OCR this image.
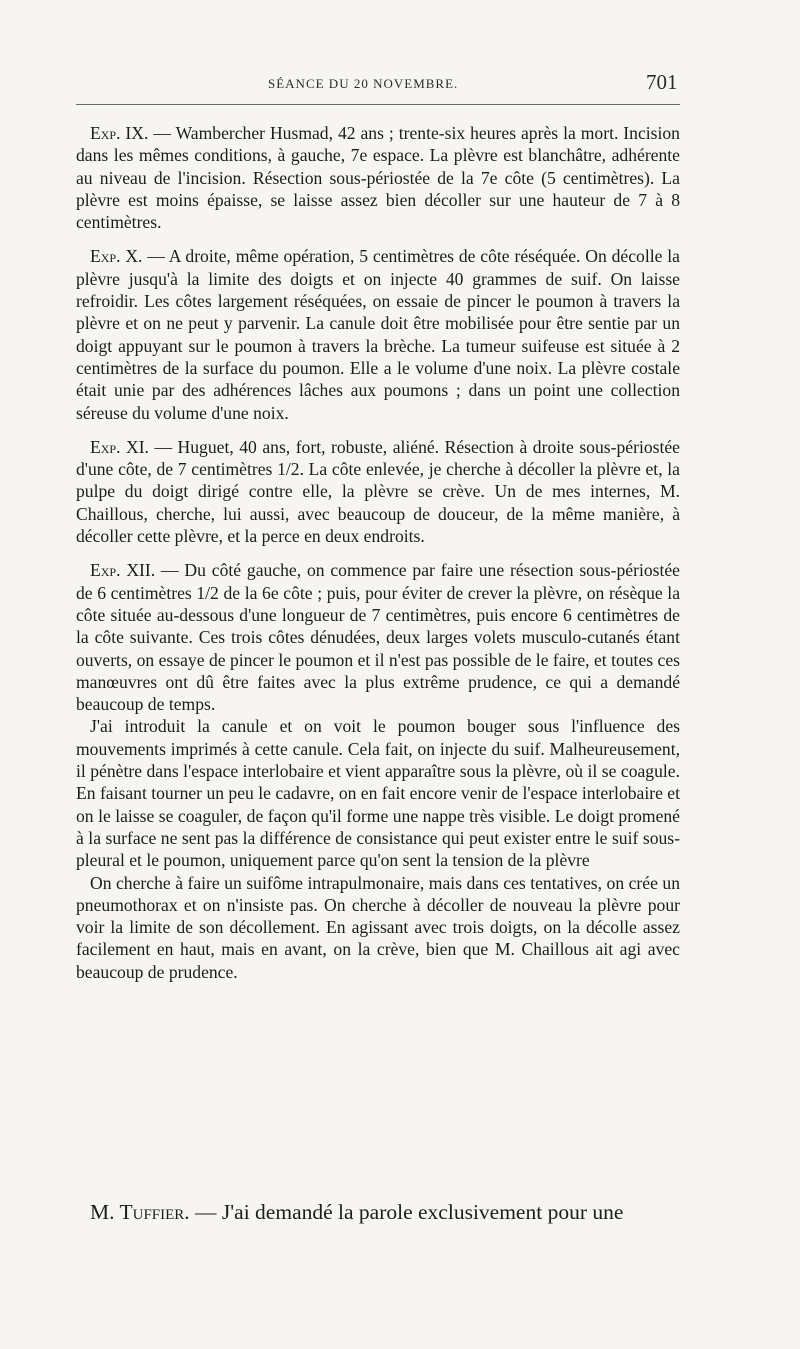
SÉANCE DU 20 NOVEMBRE.	701

Exp. IX. — Wambercher Husmad, 42 ans ; trente-six heures après la mort. Incision dans les mêmes conditions, à gauche, 7e espace. La plèvre est blanchâtre, adhérente au niveau de l'incision. Résection sous-périostée de la 7e côte (5 centimètres). La plèvre est moins épaisse, se laisse assez bien décoller sur une hauteur de 7 à 8 centimètres.

Exp. X. — A droite, même opération, 5 centimètres de côte réséquée. On décolle la plèvre jusqu'à la limite des doigts et on injecte 40 grammes de suif. On laisse refroidir. Les côtes largement réséquées, on essaie de pincer le poumon à travers la plèvre et on ne peut y parvenir. La canule doit être mobilisée pour être sentie par un doigt appuyant sur le poumon à travers la brèche. La tumeur suifeuse est située à 2 centimètres de la surface du poumon. Elle a le volume d'une noix. La plèvre costale était unie par des adhérences lâches aux poumons ; dans un point une collection séreuse du volume d'une noix.

Exp. XI. — Huguet, 40 ans, fort, robuste, aliéné. Résection à droite sous-périostée d'une côte, de 7 centimètres 1/2. La côte enlevée, je cherche à décoller la plèvre et, la pulpe du doigt dirigé contre elle, la plèvre se crève. Un de mes internes, M. Chaillous, cherche, lui aussi, avec beaucoup de douceur, de la même manière, à décoller cette plèvre, et la perce en deux endroits.

Exp. XII. — Du côté gauche, on commence par faire une résection sous-périostée de 6 centimètres 1/2 de la 6e côte ; puis, pour éviter de crever la plèvre, on résèque la côte située au-dessous d'une longueur de 7 centimètres, puis encore 6 centimètres de la côte suivante. Ces trois côtes dénudées, deux larges volets musculo-cutanés étant ouverts, on essaye de pincer le poumon et il n'est pas possible de le faire, et toutes ces manœuvres ont dû être faites avec la plus extrême prudence, ce qui a demandé beaucoup de temps.

J'ai introduit la canule et on voit le poumon bouger sous l'influence des mouvements imprimés à cette canule. Cela fait, on injecte du suif. Malheureusement, il pénètre dans l'espace interlobaire et vient apparaître sous la plèvre, où il se coagule. En faisant tourner un peu le cadavre, on en fait encore venir de l'espace interlobaire et on le laisse se coaguler, de façon qu'il forme une nappe très visible. Le doigt promené à la surface ne sent pas la différence de consistance qui peut exister entre le suif sous-pleural et le poumon, uniquement parce qu'on sent la tension de la plèvre

On cherche à faire un suifôme intrapulmonaire, mais dans ces tentatives, on crée un pneumothorax et on n'insiste pas. On cherche à décoller de nouveau la plèvre pour voir la limite de son décollement. En agissant avec trois doigts, on la décolle assez facilement en haut, mais en avant, on la crève, bien que M. Chaillous ait agi avec beaucoup de prudence.

M. Tuffier. — J'ai demandé la parole exclusivement pour une
